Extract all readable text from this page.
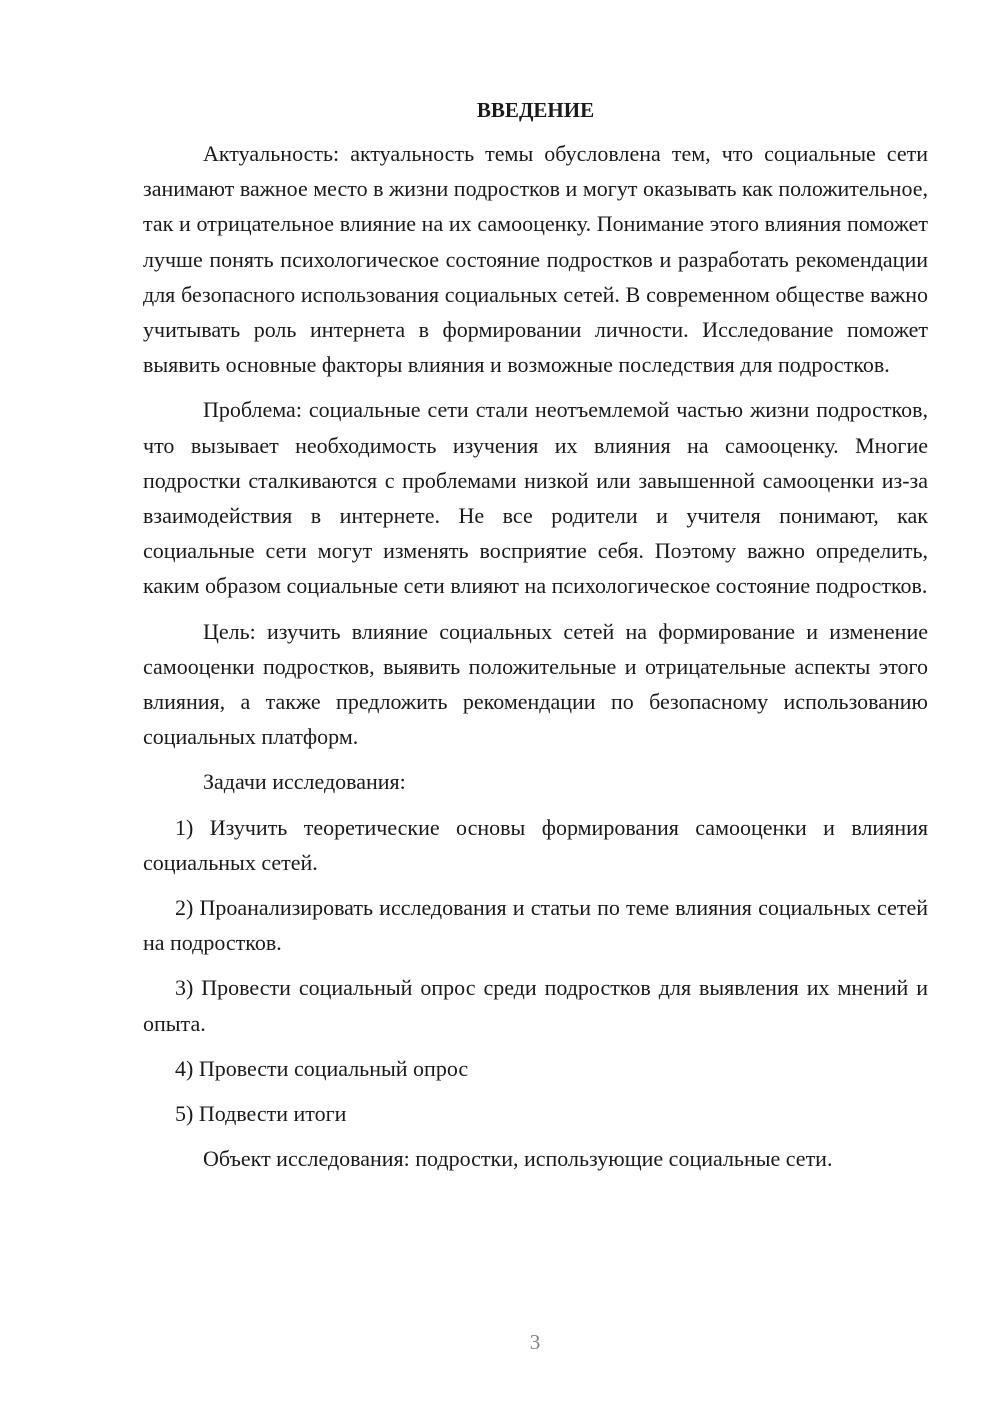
ВВЕДЕНИЕ

Актуальность: актуальность темы обусловлена тем, что социальные сети занимают важное место в жизни подростков и могут оказывать как положительное, так и отрицательное влияние на их самооценку. Понимание этого влияния поможет лучше понять психологическое состояние подростков и разработать рекомендации для безопасного использования социальных сетей. В современном обществе важно учитывать роль интернета в формировании личности. Исследование поможет выявить основные факторы влияния и возможные последствия для подростков.

Проблема: социальные сети стали неотъемлемой частью жизни подростков, что вызывает необходимость изучения их влияния на самооценку. Многие подростки сталкиваются с проблемами низкой или завышенной самооценки из-за взаимодействия в интернете. Не все родители и учителя понимают, как социальные сети могут изменять восприятие себя. Поэтому важно определить, каким образом социальные сети влияют на психологическое состояние подростков.

Цель: изучить влияние социальных сетей на формирование и изменение самооценки подростков, выявить положительные и отрицательные аспекты этого влияния, а также предложить рекомендации по безопасному использованию социальных платформ.

Задачи исследования:

1) Изучить теоретические основы формирования самооценки и влияния социальных сетей.

2) Проанализировать исследования и статьи по теме влияния социальных сетей на подростков.

3) Провести социальный опрос среди подростков для выявления их мнений и опыта.

4) Провести социальный опрос

5) Подвести итоги

Объект исследования: подростки, использующие социальные сети.

3
